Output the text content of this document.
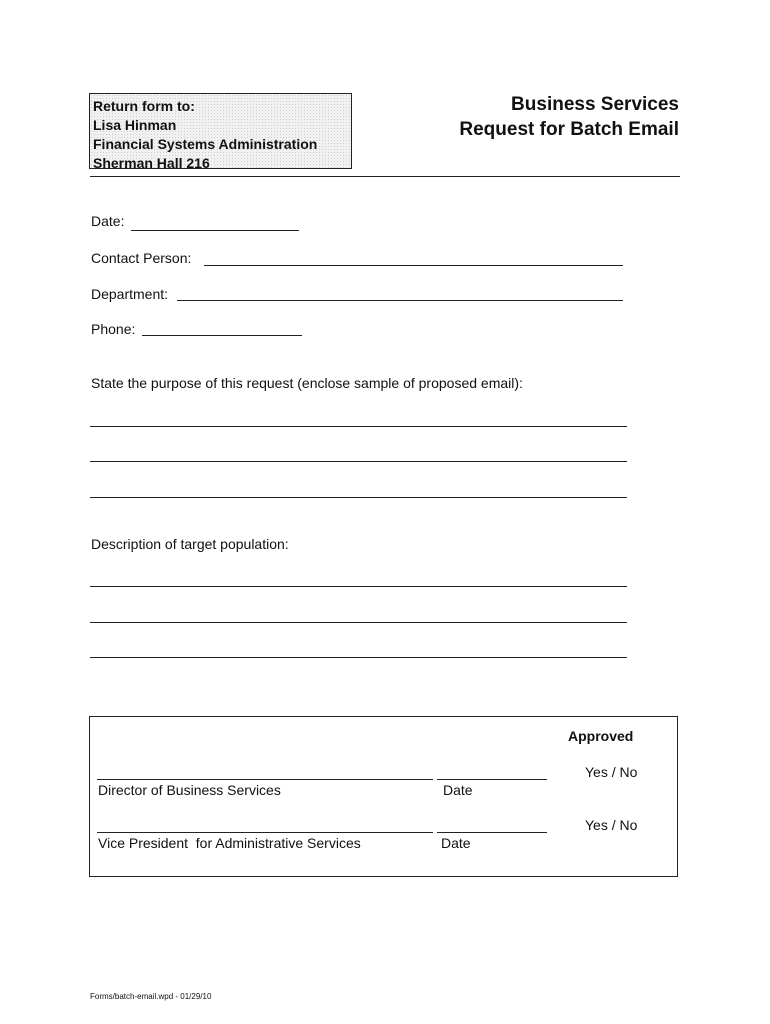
Return form to:
Lisa Hinman
Financial Systems Administration
Sherman Hall 216
Business Services
Request for Batch Email
Date:
Contact Person:
Department:
Phone:
State the purpose of this request (enclose sample of proposed email):
Description of target population:
Approved
Yes / No
Director of Business Services	Date
Yes / No
Vice President  for Administrative Services	Date
Forms/batch-email.wpd - 01/29/10
